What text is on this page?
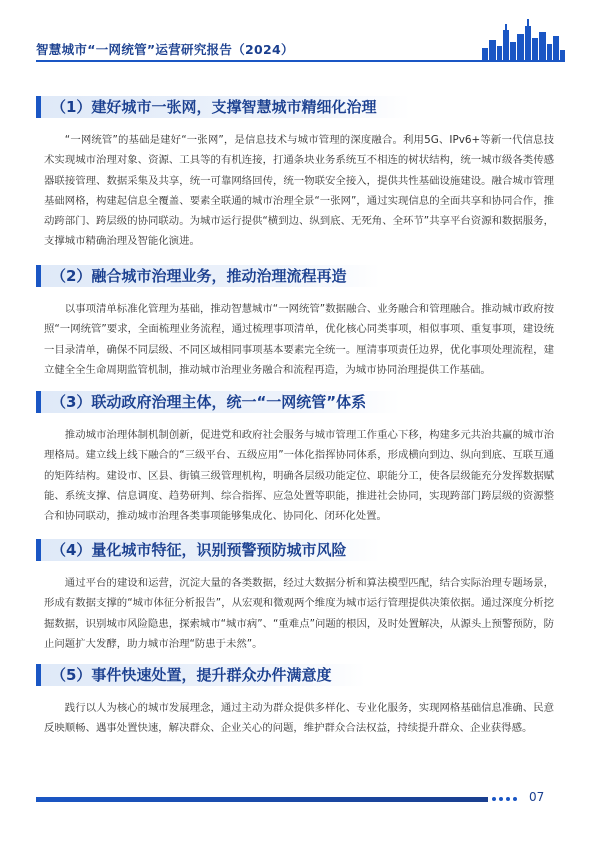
智慧城市“一网统管”运营研究报告（2024）
（1）建好城市一张网，支撑智慧城市精细化治理
“一网统管”的基础是建好“一张网”，是信息技术与城市管理的深度融合。利用5G、IPv6+等新一代信息技术实现城市治理对象、资源、工具等的有机连接，打通条块业务系统互不相连的树状结构，统一城市级各类传感器联接管理、数据采集及共享，统一可靠网络回传，统一物联安全接入，提供共性基础设施建设。融合城市管理基础网格，构建起信息全覆盖、要素全联通的城市治理全景“一张网”，通过实现信息的全面共享和协同合作，推动跨部门、跨层级的协同联动。为城市运行提供“横到边、纵到底、无死角、全环节”共享平台资源和数据服务，支撑城市精确治理及智能化演进。
（2）融合城市治理业务，推动治理流程再造
以事项清单标准化管理为基础，推动智慧城市“一网统管”数据融合、业务融合和管理融合。推动城市政府按照“一网统管”要求，全面梳理业务流程，通过梳理事项清单，优化核心同类事项，相似事项、重复事项，建设统一目录清单，确保不同层级、不同区域相同事项基本要素完全统一。厘清事项责任边界，优化事项处理流程，建立健全全生命周期监管机制，推动城市治理业务融合和流程再造，为城市协同治理提供工作基础。
（3）联动政府治理主体，统一“一网统管”体系
推动城市治理体制机制创新，促进党和政府社会服务与城市管理工作重心下移，构建多元共治共赢的城市治理格局。建立线上线下融合的“三级平台、五级应用”一体化指挥协同体系，形成横向到边、纵向到底、互联互通的矩阵结构。建设市、区县、街镇三级管理机构，明确各层级功能定位、职能分工，使各层级能充分发挥数据赋能、系统支撑、信息调度、趋势研判、综合指挥、应急处置等职能，推进社会协同，实现跨部门跨层级的资源整合和协同联动，推动城市治理各类事项能够集成化、协同化、闭环化处置。
（4）量化城市特征，识别预警预防城市风险
通过平台的建设和运营，沉淀大量的各类数据，经过大数据分析和算法模型匹配，结合实际治理专题场景，形成有数据支撑的“城市体征分析报告”，从宏观和微观两个维度为城市运行管理提供决策依据。通过深度分析挖掘数据，识别城市风险隐患，探索城市“城市病”、“重难点”问题的根因，及时处置解决，从源头上预警预防，防止问题扩大发酵，助力城市治理“防患于未然”。
（5）事件快速处置，提升群众办件满意度
践行以人为核心的城市发展理念，通过主动为群众提供多样化、专业化服务，实现网格基础信息准确、民意反映顺畅、遇事处置快速，解决群众、企业关心的问题，维护群众合法权益，持续提升群众、企业获得感。
07
